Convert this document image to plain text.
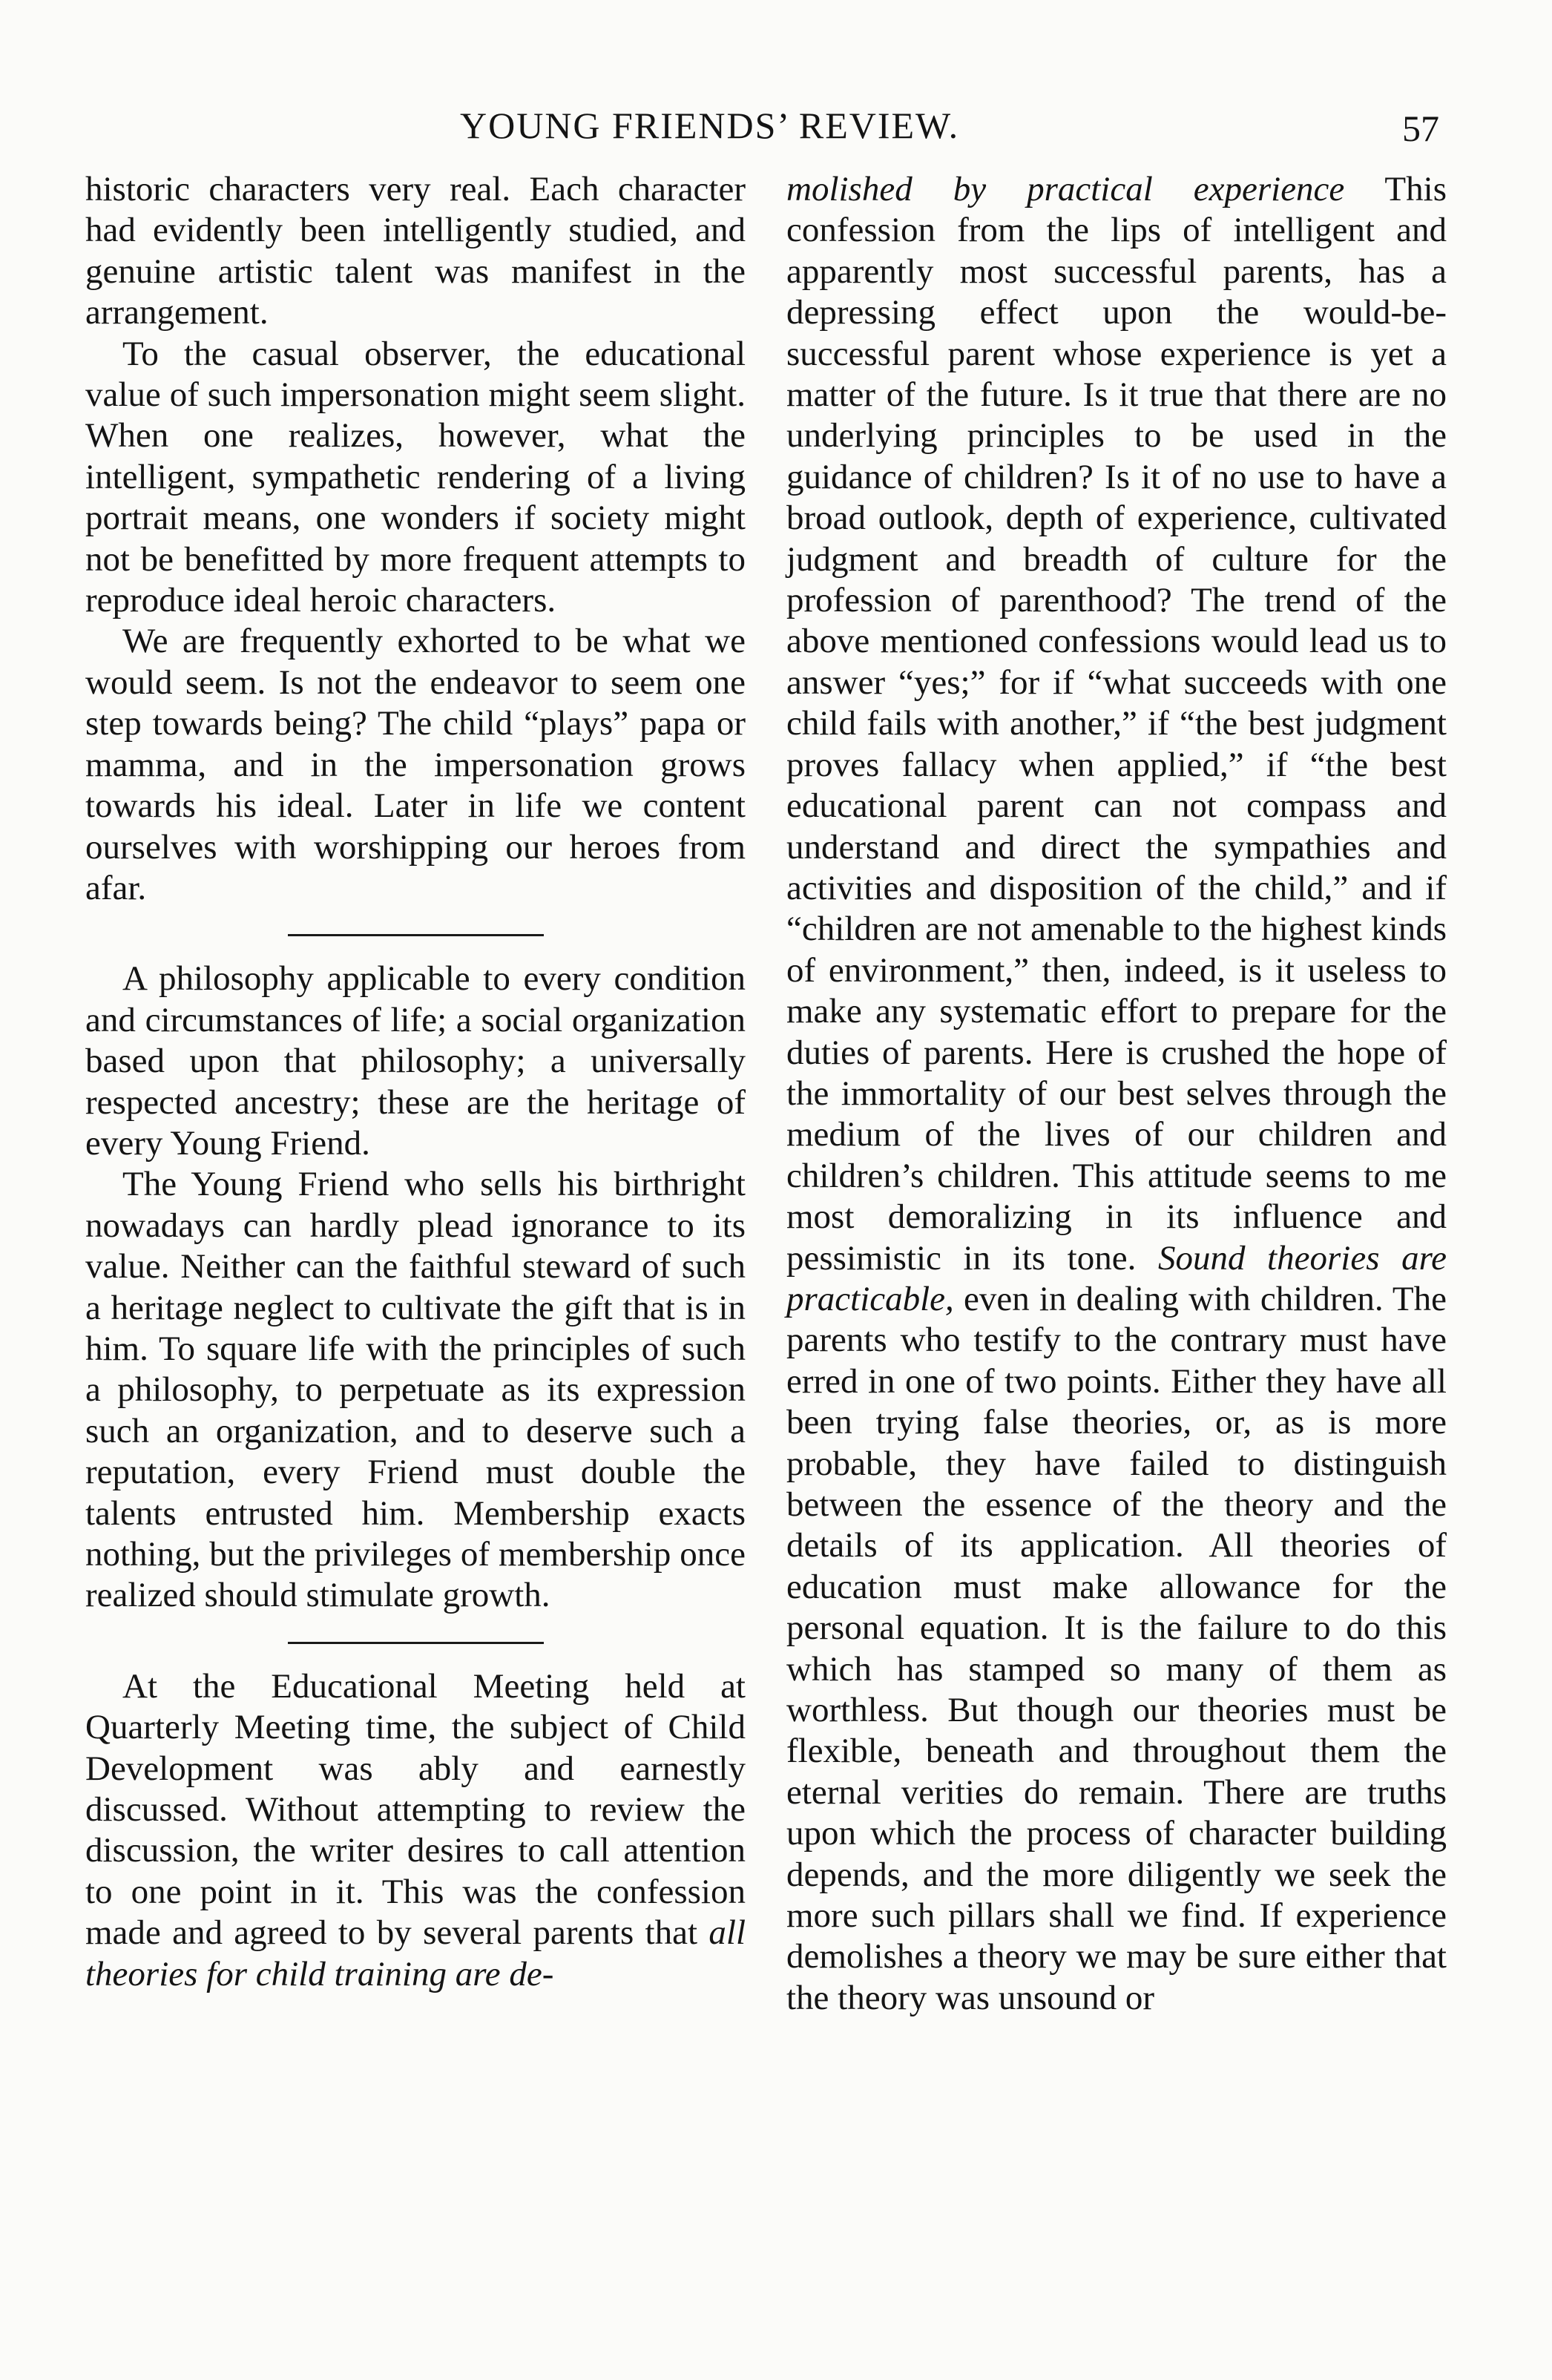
YOUNG FRIENDS’ REVIEW.	57

historic characters very real. Each character had evidently been intelligently studied, and genuine artistic talent was manifest in the arrangement.

To the casual observer, the educational value of such impersonation might seem slight. When one realizes, however, what the intelligent, sympathetic rendering of a living portrait means, one wonders if society might not be benefitted by more frequent attempts to reproduce ideal heroic characters.

We are frequently exhorted to be what we would seem. Is not the endeavor to seem one step towards being? The child “plays” papa or mamma, and in the impersonation grows towards his ideal. Later in life we content ourselves with worshipping our heroes from afar.

A philosophy applicable to every condition and circumstances of life; a social organization based upon that philosophy; a universally respected ancestry; these are the heritage of every Young Friend.

The Young Friend who sells his birthright nowadays can hardly plead ignorance to its value. Neither can the faithful steward of such a heritage neglect to cultivate the gift that is in him. To square life with the principles of such a philosophy, to perpetuate as its expression such an organization, and to deserve such a reputation, every Friend must double the talents entrusted him. Membership exacts nothing, but the privileges of membership once realized should stimulate growth.

At the Educational Meeting held at Quarterly Meeting time, the subject of Child Development was ably and earnestly discussed. Without attempting to review the discussion, the writer desires to call attention to one point in it. This was the confession made and agreed to by several parents that all theories for child training are de-

molished by practical experience This confession from the lips of intelligent and apparently most successful parents, has a depressing effect upon the would-be-successful parent whose experience is yet a matter of the future. Is it true that there are no underlying principles to be used in the guidance of children? Is it of no use to have a broad outlook, depth of experience, cultivated judgment and breadth of culture for the profession of parenthood? The trend of the above mentioned confessions would lead us to answer “yes;” for if “what succeeds with one child fails with another,” if “the best judgment proves fallacy when applied,” if “the best educational parent can not compass and understand and direct the sympathies and activities and disposition of the child,” and if “children are not amenable to the highest kinds of environment,” then, indeed, is it useless to make any systematic effort to prepare for the duties of parents. Here is crushed the hope of the immortality of our best selves through the medium of the lives of our children and children’s children. This attitude seems to me most demoralizing in its influence and pessimistic in its tone. Sound theories are practicable, even in dealing with children. The parents who testify to the contrary must have erred in one of two points. Either they have all been trying false theories, or, as is more probable, they have failed to distinguish between the essence of the theory and the details of its application. All theories of education must make allowance for the personal equation. It is the failure to do this which has stamped so many of them as worthless. But though our theories must be flexible, beneath and throughout them the eternal verities do remain. There are truths upon which the process of character building depends, and the more diligently we seek the more such pillars shall we find. If experience demolishes a theory we may be sure either that the theory was unsound or
